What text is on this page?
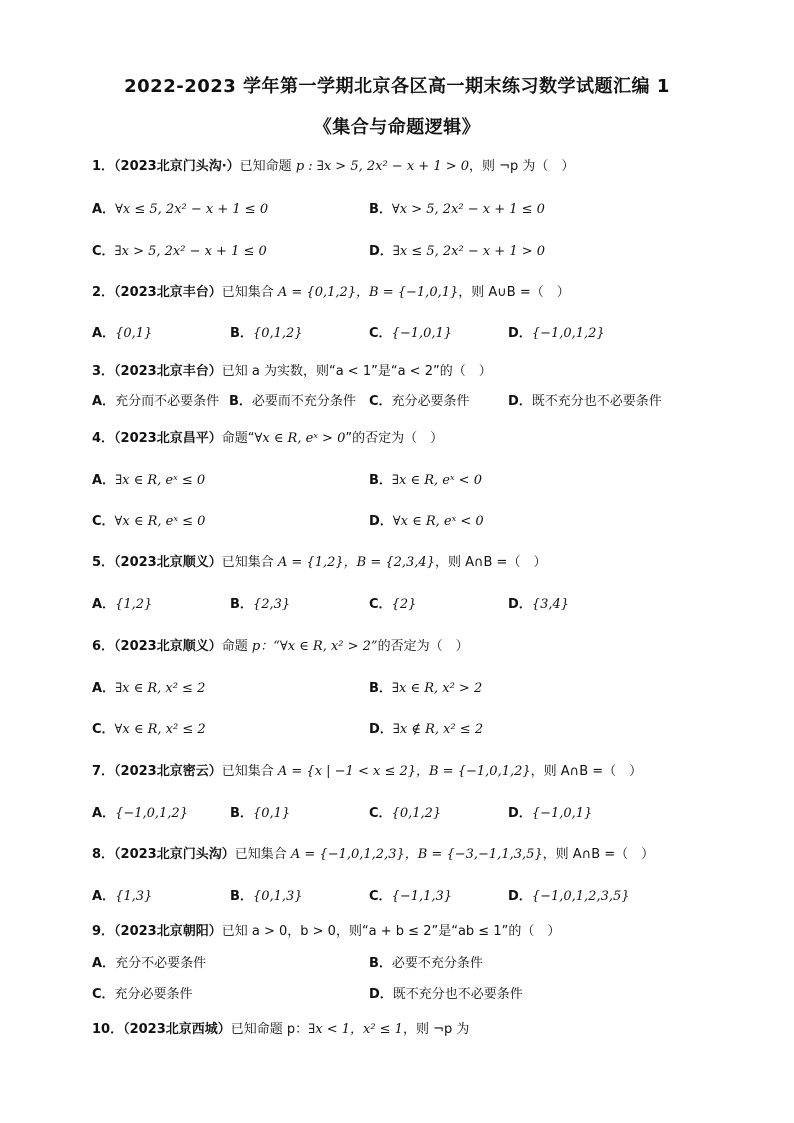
2022-2023 学年第一学期北京各区高一期末练习数学试题汇编 1
《集合与命题逻辑》
1．（2023北京门头沟·）已知命题 p : ∃x > 5, 2x² − x + 1 > 0，则 ¬p 为（　）
A．∀x ≤ 5, 2x² − x + 1 ≤ 0	B．∀x > 5, 2x² − x + 1 ≤ 0
C．∃x > 5, 2x² − x + 1 ≤ 0	D．∃x ≤ 5, 2x² − x + 1 > 0
2．（2023北京丰台）已知集合 A = {0,1,2}，B = {−1,0,1}，则 A∪B =（　）
A．{0,1}	B．{0,1,2}	C．{−1,0,1}	D．{−1,0,1,2}
3．（2023北京丰台）已知 a 为实数，则“a < 1”是“a < 2”的（　）
A．充分而不必要条件 B．必要而不充分条件 C．充分必要条件	D．既不充分也不必要条件
4．（2023北京昌平）命题“∀x ∈ R, eˣ > 0”的否定为（　）
A．∃x ∈ R, eˣ ≤ 0	B．∃x ∈ R, eˣ < 0
C．∀x ∈ R, eˣ ≤ 0	D．∀x ∈ R, eˣ < 0
5．（2023北京顺义）已知集合 A = {1,2}，B = {2,3,4}，则 A∩B =（　）
A．{1,2}	B．{2,3}	C．{2}	D．{3,4}
6．（2023北京顺义）命题 p：“∀x ∈ R, x² > 2”的否定为（　）
A．∃x ∈ R, x² ≤ 2	B．∃x ∈ R, x² > 2
C．∀x ∈ R, x² ≤ 2	D．∃x ∉ R, x² ≤ 2
7．（2023北京密云）已知集合 A = {x | −1 < x ≤ 2}，B = {−1,0,1,2}，则 A∩B =（　）
A．{−1,0,1,2}	B．{0,1}	C．{0,1,2}	D．{−1,0,1}
8．（2023北京门头沟）已知集合 A = {−1,0,1,2,3}，B = {−3,−1,1,3,5}，则 A∩B =（　）
A．{1,3}	B．{0,1,3}	C．{−1,1,3}	D．{−1,0,1,2,3,5}
9．（2023北京朝阳）已知 a > 0，b > 0，则“a + b ≤ 2”是“ab ≤ 1”的（　）
A．充分不必要条件	B．必要不充分条件
C．充分必要条件	D．既不充分也不必要条件
10．（2023北京西城）已知命题 p：∃x < 1，x² ≤ 1，则 ¬p 为
